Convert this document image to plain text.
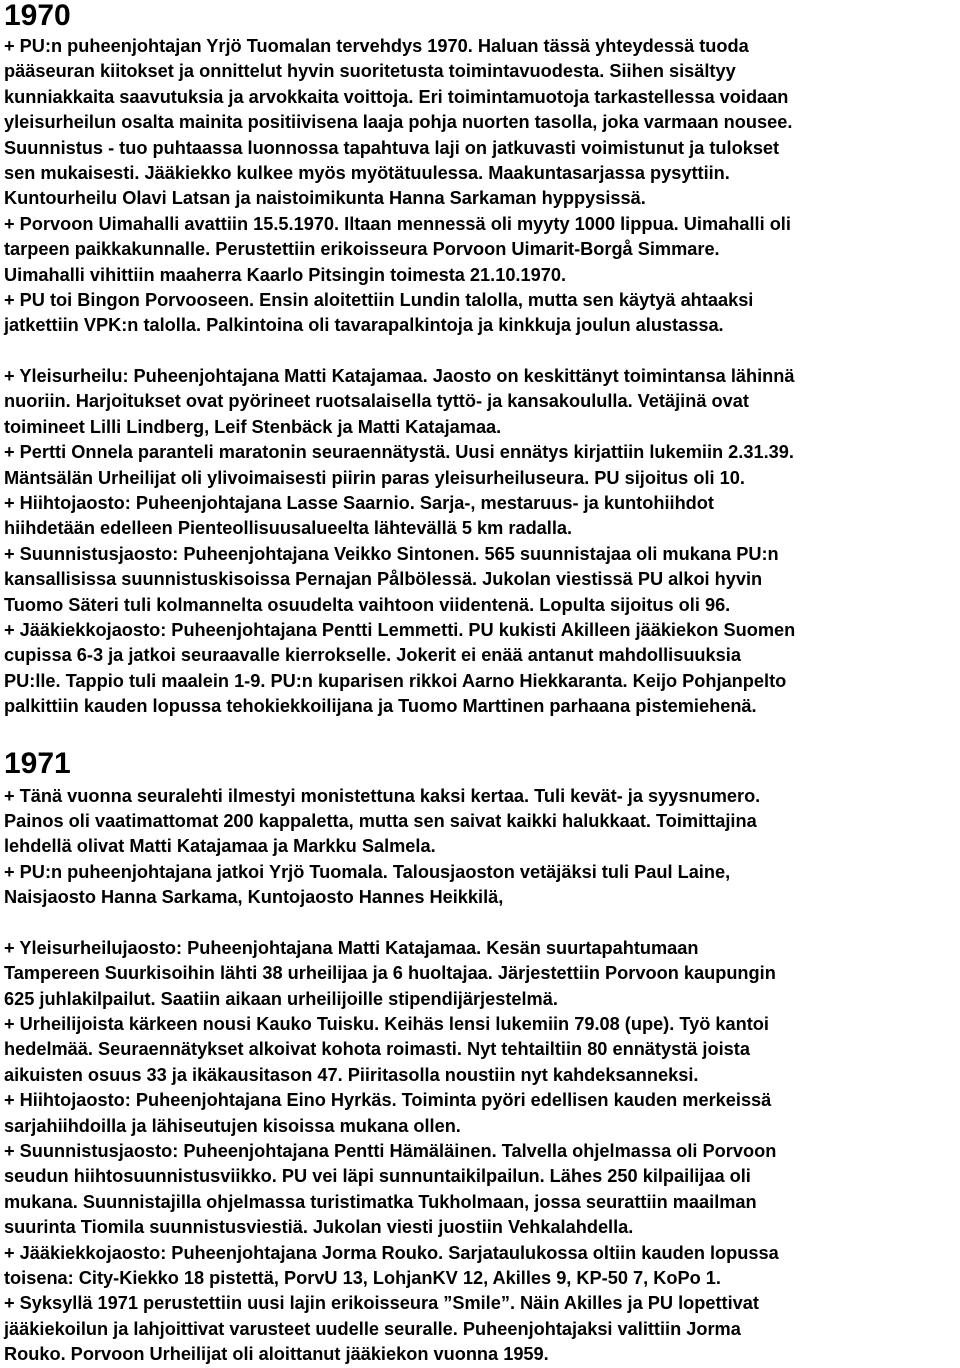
1970
+ PU:n puheenjohtajan Yrjö Tuomalan tervehdys 1970. Haluan tässä yhteydessä tuoda
pääseuran kiitokset ja onnittelut hyvin suoritetusta toimintavuodesta. Siihen sisältyy
kunniakkaita saavutuksia ja arvokkaita voittoja. Eri toimintamuotoja tarkastellessa voidaan
yleisurheilun osalta mainita positiivisena laaja pohja nuorten tasolla, joka varmaan nousee.
Suunnistus - tuo puhtaassa luonnossa tapahtuva laji on jatkuvasti voimistunut ja tulokset
sen mukaisesti. Jääkiekko kulkee myös myötätuulessa. Maakuntasarjassa pysyttiin.
Kuntourheilu Olavi Latsan ja naistoimikunta Hanna Sarkaman hyppysissä.
+ Porvoon Uimahalli avattiin 15.5.1970. Iltaan mennessä oli myyty 1000 lippua. Uimahalli oli
tarpeen paikkakunnalle. Perustettiin erikoisseura Porvoon Uimarit-Borgå Simmare.
Uimahalli vihittiin maaherra Kaarlo Pitsingin toimesta 21.10.1970.
+ PU toi Bingon Porvooseen. Ensin aloitettiin Lundin talolla, mutta sen käytyä ahtaaksi
jatkettiin VPK:n talolla. Palkintoina oli tavarapalkintoja ja kinkkuja joulun alustassa.
+ Yleisurheilu: Puheenjohtajana Matti Katajamaa. Jaosto on keskittänyt toimintansa lähinnä
nuoriin. Harjoitukset ovat pyörineet ruotsalaisella tyttö- ja kansakoululla. Vetäjinä ovat
toimineet Lilli Lindberg, Leif Stenbäck ja Matti Katajamaa.
+ Pertti Onnela paranteli maratonin seuraennätystä. Uusi ennätys kirjattiin lukemiin 2.31.39.
Mäntsälän Urheilijat oli ylivoimaisesti piirin paras yleisurheiluseura. PU sijoitus oli 10.
+ Hiihtojaosto: Puheenjohtajana Lasse Saarnio. Sarja-, mestaruus- ja kuntohiihdot
hiihdetään edelleen Pienteollisuusalueelta lähtevällä 5 km radalla.
+ Suunnistusjaosto: Puheenjohtajana Veikko Sintonen. 565 suunnistajaa oli mukana PU:n
kansallisissa suunnistuskisoissa Pernajan Pålbölessä. Jukolan viestissä PU alkoi hyvin
Tuomo Säteri tuli kolmannelta osuudelta vaihtoon viidentenä. Lopulta sijoitus oli 96.
+ Jääkiekkojaosto: Puheenjohtajana Pentti Lemmetti. PU kukisti Akilleen jääkiekon Suomen
cupissa 6-3 ja jatkoi seuraavalle kierrokselle. Jokerit ei enää antanut mahdollisuuksia
PU:lle. Tappio tuli maalein 1-9. PU:n kuparisen rikkoi Aarno Hiekkaranta. Keijo Pohjanpelto
palkittiin kauden lopussa tehokiekkoilijana ja Tuomo Marttinen parhaana pistemiehenä.
1971
+ Tänä vuonna seuralehti ilmestyi monistettuna kaksi kertaa. Tuli kevät- ja syysnumero.
Painos oli vaatimattomat 200 kappaletta, mutta sen saivat kaikki halukkaat. Toimittajina
lehdellä olivat Matti Katajamaa ja Markku Salmela.
+ PU:n puheenjohtajana jatkoi Yrjö Tuomala. Talousjaoston vetäjäksi tuli Paul Laine,
Naisjaosto Hanna Sarkama, Kuntojaosto Hannes Heikkilä,
+ Yleisurheilujaosto: Puheenjohtajana Matti Katajamaa. Kesän suurtapahtumaan
Tampereen Suurkisoihin lähti 38 urheilijaa ja 6 huoltajaa. Järjestettiin Porvoon kaupungin
625 juhlakilpailut. Saatiin aikaan urheilijoille stipendijärjestelmä.
+ Urheilijoista kärkeen nousi Kauko Tuisku. Keihäs lensi lukemiin 79.08 (upe). Työ kantoi
hedelmää. Seuraennätykset alkoivat kohota roimasti. Nyt tehtailtiin 80 ennätystä joista
aikuisten osuus 33 ja ikäkausitason 47. Piiritasolla noustiin nyt kahdeksanneksi.
+ Hiihtojaosto: Puheenjohtajana Eino Hyrkäs. Toiminta pyöri edellisen kauden merkeissä
sarjahiihdoilla ja lähiseutujen kisoissa mukana ollen.
+ Suunnistusjaosto: Puheenjohtajana Pentti Hämäläinen. Talvella ohjelmassa oli Porvoon
seudun hiihtosuunnistusviikko. PU vei läpi sunnuntaikilpailun. Lähes 250 kilpailijaa oli
mukana. Suunnistajilla ohjelmassa turistimatka Tukholmaan, jossa seurattiin maailman
suurinta Tiomila suunnistusviestiä. Jukolan viesti juostiin Vehkalahdella.
+ Jääkiekkojaosto: Puheenjohtajana Jorma Rouko. Sarjataulukossa oltiin kauden lopussa
toisena: City-Kiekko 18 pistettä, PorvU 13, LohjanKV 12, Akilles 9, KP-50 7, KoPo 1.
+ Syksyllä 1971 perustettiin uusi lajin erikoisseura ”Smile”. Näin Akilles ja PU lopettivat
jääkiekoilun ja lahjoittivat varusteet uudelle seuralle. Puheenjohtajaksi valittiin Jorma
Rouko. Porvoon Urheilijat oli aloittanut jääkiekon vuonna 1959.
